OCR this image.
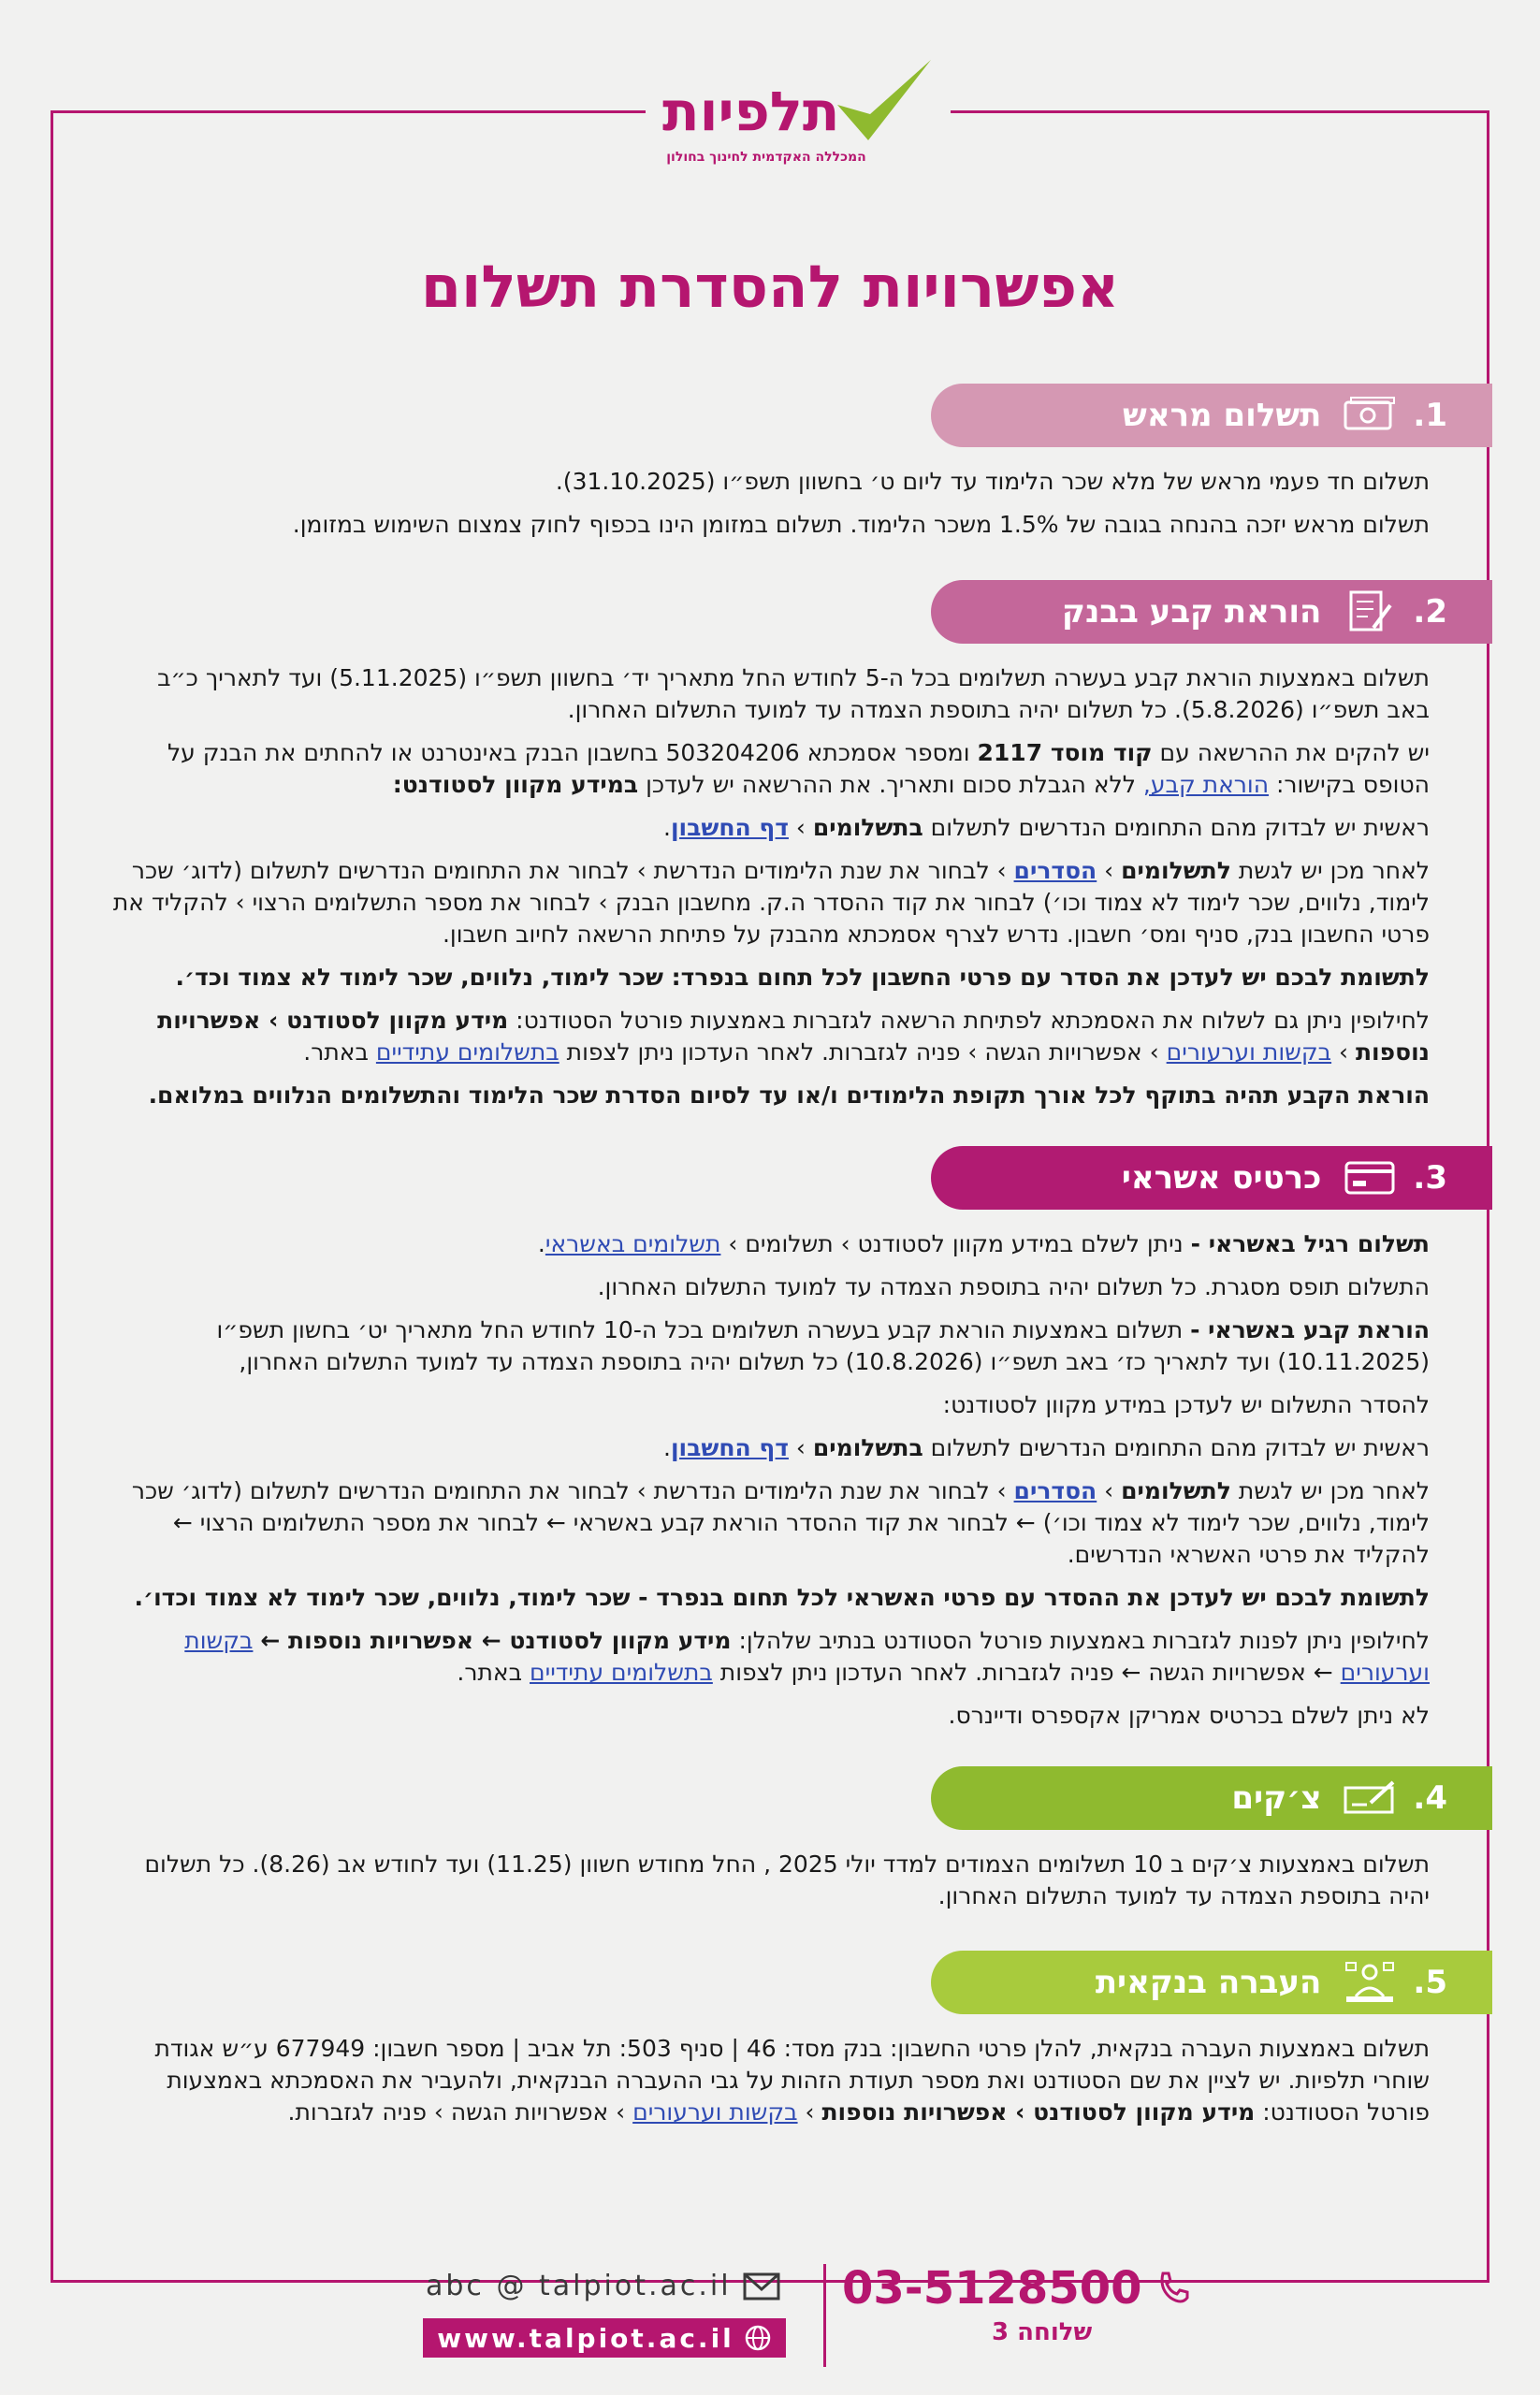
תלפיות
המכללה האקדמית לחינוך בחולון
אפשרויות להסדרת תשלום
1.
תשלום מראש

תשלום חד פעמי מראש של מלא שכר הלימוד עד ליום ט׳ בחשוון תשפ״ו (31.10.2025).

תשלום מראש יזכה בהנחה בגובה של 1.5% משכר הלימוד. תשלום במזומן הינו בכפוף לחוק צמצום השימוש במזומן.

2.
הוראת קבע בבנק

תשלום באמצעות הוראת קבע בעשרה תשלומים בכל ה-5 לחודש החל מתאריך יד׳ בחשוון תשפ״ו (5.11.2025) ועד לתאריך כ״ב באב תשפ״ו (5.8.2026). כל תשלום יהיה בתוספת הצמדה עד למועד התשלום האחרון.

יש להקים את ההרשאה עם קוד מוסד 2117 ומספר אסמכתא 503204206 בחשבון הבנק באינטרנט או להחתים את הבנק על הטופס בקישור: הוראת קבע, ללא הגבלת סכום ותאריך. את ההרשאה יש לעדכן במידע מקוון לסטודנט:

ראשית יש לבדוק מהם התחומים הנדרשים לתשלום בתשלומים › דף החשבון.

לאחר מכן יש לגשת לתשלומים › הסדרים › לבחור את שנת הלימודים הנדרשת › לבחור את התחומים הנדרשים לתשלום (לדוג׳ שכר לימוד, נלווים, שכר לימוד לא צמוד וכו׳) לבחור את קוד ההסדר ה.ק. מחשבון הבנק › לבחור את מספר התשלומים הרצוי › להקליד את פרטי החשבון בנק, סניף ומס׳ חשבון. נדרש לצרף אסמכתא מהבנק על פתיחת הרשאה לחיוב חשבון.

לתשומת לבכם יש לעדכן את הסדר עם פרטי החשבון לכל תחום בנפרד: שכר לימוד, נלווים, שכר לימוד לא צמוד וכד׳.

לחילופין ניתן גם לשלוח את האסמכתא לפתיחת הרשאה לגזברות באמצעות פורטל הסטודנט: מידע מקוון לסטודנט › אפשרויות נוספות › בקשות וערעורים › אפשרויות הגשה › פניה לגזברות. לאחר העדכון ניתן לצפות בתשלומים עתידיים באתר.

הוראת הקבע תהיה בתוקף לכל אורך תקופת הלימודים ו/או עד לסיום הסדרת שכר הלימוד והתשלומים הנלווים במלואם.

3.
כרטיס אשראי

תשלום רגיל באשראי - ניתן לשלם במידע מקוון לסטודנט › תשלומים › תשלומים באשראי.

התשלום תופס מסגרת. כל תשלום יהיה בתוספת הצמדה עד למועד התשלום האחרון.

הוראת קבע באשראי - תשלום באמצעות הוראת קבע בעשרה תשלומים בכל ה-10 לחודש החל מתאריך יט׳ בחשון תשפ״ו (10.11.2025) ועד לתאריך כז׳ באב תשפ״ו (10.8.2026) כל תשלום יהיה בתוספת הצמדה עד למועד התשלום האחרון,

להסדר התשלום יש לעדכן במידע מקוון לסטודנט:

ראשית יש לבדוק מהם התחומים הנדרשים לתשלום בתשלומים › דף החשבון.

לאחר מכן יש לגשת לתשלומים › הסדרים › לבחור את שנת הלימודים הנדרשת › לבחור את התחומים הנדרשים לתשלום (לדוג׳ שכר לימוד, נלווים, שכר לימוד לא צמוד וכו׳) ← לבחור את קוד ההסדר הוראת קבע באשראי ← לבחור את מספר התשלומים הרצוי ← להקליד את פרטי האשראי הנדרשים.

לתשומת לבכם יש לעדכן את ההסדר עם פרטי האשראי לכל תחום בנפרד - שכר לימוד, נלווים, שכר לימוד לא צמוד וכדו׳.

לחילופין ניתן לפנות לגזברות באמצעות פורטל הסטודנט בנתיב שלהלן: מידע מקוון לסטודנט ← אפשרויות נוספות ← בקשות וערעורים ← אפשרויות הגשה ← פניה לגזברות. לאחר העדכון ניתן לצפות בתשלומים עתידיים באתר.

לא ניתן לשלם בכרטיס אמריקן אקספרס ודיינרס.

4.
צ׳קים

תשלום באמצעות צ׳קים ב 10 תשלומים הצמודים למדד יולי 2025 , החל מחודש חשוון (11.25) ועד לחודש אב (8.26). כל תשלום יהיה בתוספת הצמדה עד למועד התשלום האחרון.

5.
העברה בנקאית

תשלום באמצעות העברה בנקאית, להלן פרטי החשבון: בנק מסד: 46 | סניף 503: תל אביב | מספר חשבון: 677949 ע״ש אגודת שוחרי תלפיות. יש לציין את שם הסטודנט ואת מספר תעודת הזהות על גבי ההעברה הבנקאית, ולהעביר את האסמכתא באמצעות פורטל הסטודנט: מידע מקוון לסטודנט › אפשרויות נוספות › בקשות וערעורים › אפשרויות הגשה › פניה לגזברות.

03-5128500
שלוחה 3
abc @ talpiot.ac.il
www.talpiot.ac.il
